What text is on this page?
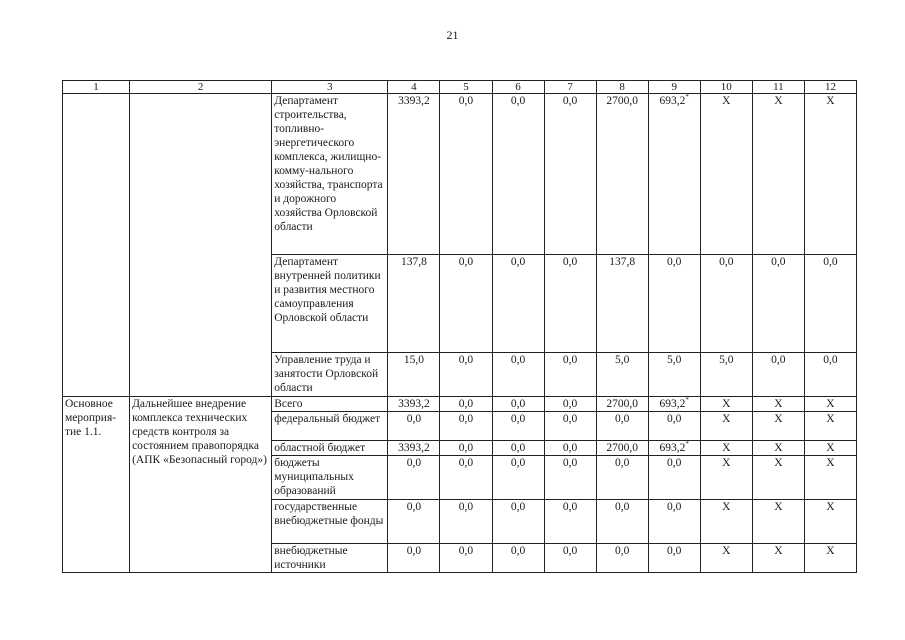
21
1	2	3	4	5	6	7	8	9	10	11	12
		Департамент строительства, топливно-энергетического комплекса, жилищно-комму-нального хозяйства, транспорта и дорожного хозяйства Орловской области	3393,2	0,0	0,0	0,0	2700,0	693,2*	X	X	X
		Департамент внутренней политики и развития местного самоуправления Орловской области	137,8	0,0	0,0	0,0	137,8	0,0	0,0	0,0	0,0
		Управление труда и занятости Орловской области	15,0	0,0	0,0	0,0	5,0	5,0	5,0	0,0	0,0
Основное мероприя-тие 1.1.	Дальнейшее внедрение комплекса технических средств контроля за состоянием правопорядка (АПК «Безопасный город»)	Всего	3393,2	0,0	0,0	0,0	2700,0	693,2*	X	X	X
		федеральный бюджет	0,0	0,0	0,0	0,0	0,0	0,0	X	X	X
		областной бюджет	3393,2	0,0	0,0	0,0	2700,0	693,2*	X	X	X
		бюджеты муниципальных образований	0,0	0,0	0,0	0,0	0,0	0,0	X	X	X
		государственные внебюджетные фонды	0,0	0,0	0,0	0,0	0,0	0,0	X	X	X
		внебюджетные источники	0,0	0,0	0,0	0,0	0,0	0,0	X	X	X
